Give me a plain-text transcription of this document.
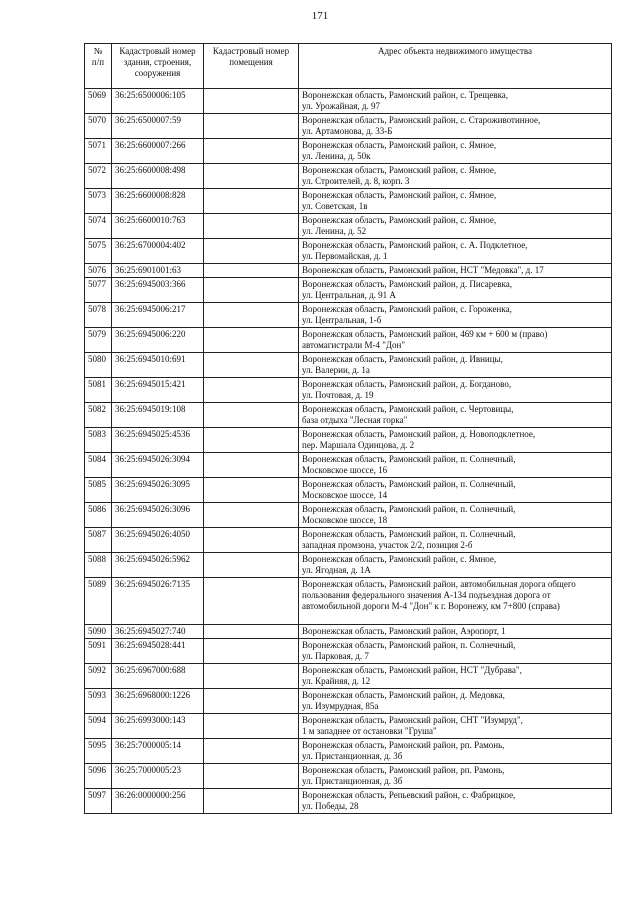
171
№
п/п	Кадастровый номер здания, строения, сооружения	Кадастровый номер помещения	Адрес объекта недвижимого имущества
5069	36:25:6500006:105		Воронежская область, Рамонский район, с. Трещевка,
ул. Урожайная, д. 97
5070	36:25:6500007:59		Воронежская область, Рамонский район, с. Староживотинное,
ул. Артамонова, д. 33-Б
5071	36:25:6600007:266		Воронежская область, Рамонский район, с. Ямное,
ул. Ленина, д. 50к
5072	36:25:6600008:498		Воронежская область, Рамонский район, с. Ямное,
ул. Строителей, д. 8, корп. 3
5073	36:25:6600008:828		Воронежская область, Рамонский район, с. Ямное,
ул. Советская, 1в
5074	36:25:6600010:763		Воронежская область, Рамонский район, с. Ямное,
ул. Ленина, д. 52
5075	36:25:6700004:402		Воронежская область, Рамонский район, с. А. Подклетное,
ул. Первомайская, д. 1
5076	36:25:6901001:63		Воронежская область, Рамонский район, НСТ "Медовка", д. 17

5077	36:25:6945003:366		Воронежская область, Рамонский район, д. Писаревка,
ул. Центральная, д. 91 А
5078	36:25:6945006:217		Воронежская область, Рамонский район, с. Гороженка,
ул. Центральная, 1-б
5079	36:25:6945006:220		Воронежская область, Рамонский район, 469 км + 600 м (право)
автомагистрали М-4 "Дон"
5080	36:25:6945010:691		Воронежская область, Рамонский район, д. Ивницы,
ул. Валерии, д. 1а
5081	36:25:6945015:421		Воронежская область, Рамонский район, д. Богданово,
ул. Почтовая, д. 19
5082	36:25:6945019:108		Воронежская область, Рамонский район, с. Чертовицы,
база отдыха "Лесная горка"
5083	36:25:6945025:4536		Воронежская область, Рамонский район, д. Новоподклетное,
пер. Маршала Одинцова, д. 2
5084	36:25:6945026:3094		Воронежская область, Рамонский район, п. Солнечный,
Московское шоссе, 16
5085	36:25:6945026:3095		Воронежская область, Рамонский район, п. Солнечный,
Московское шоссе, 14
5086	36:25:6945026:3096		Воронежская область, Рамонский район, п. Солнечный,
Московское шоссе, 18
5087	36:25:6945026:4050		Воронежская область, Рамонский район, п. Солнечный,
западная промзона, участок 2/2, позиция 2-б
5088	36:25:6945026:5962		Воронежская область, Рамонский район, с. Ямное,
ул. Ягодная, д. 1А
5089	36:25:6945026:7135		Воронежская область, Рамонский район, автомобильная дорога общего
пользования федерального значения А-134 подъездная дорога от
автомобильной дороги М-4 "Дон" к г. Воронежу, км 7+800 (справа)

5090	36:25:6945027:740		Воронежская область, Рамонский район, Аэропорт, 1

5091	36:25:6945028:441		Воронежская область, Рамонский район, п. Солнечный,
ул. Парковая, д. 7
5092	36:25:6967000:688		Воронежская область, Рамонский район, НСТ "Дубрава",
ул. Крайняя, д. 12
5093	36:25:6968000:1226		Воронежская область, Рамонский район, д. Медовка,
ул. Изумрудная, 85а
5094	36:25:6993000:143		Воронежская область, Рамонский район, СНТ "Изумруд",
1 м западнее от остановки "Груша"
5095	36:25:7000005:14		Воронежская область, Рамонский район, рп. Рамонь,
ул. Пристанционная, д. 3б
5096	36:25:7000005:23		Воронежская область, Рамонский район, рп. Рамонь,
ул. Пристанционная, д. 3б
5097	36:26:0000000:256		Воронежская область, Репьевский район, с. Фабрицкое,
ул. Победы, 28
